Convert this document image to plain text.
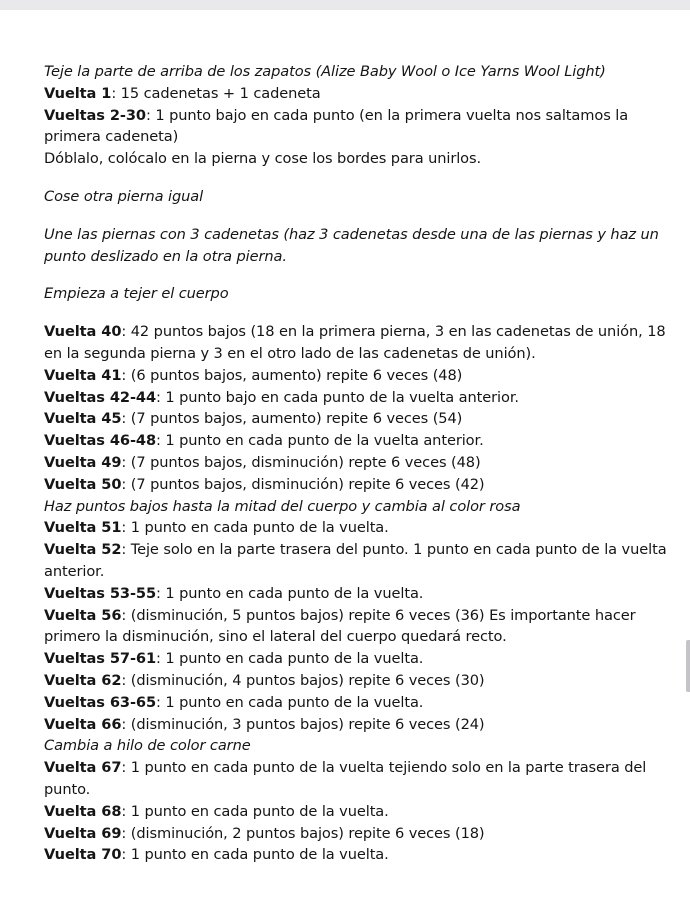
Teje la parte de arriba de los zapatos (Alize Baby Wool o Ice Yarns Wool Light)

Vuelta 1: 15 cadenetas + 1 cadeneta

Vueltas 2-30: 1 punto bajo en cada punto (en la primera vuelta nos saltamos la primera cadeneta)

Dóblalo, colócalo en la pierna y cose los bordes para unirlos.

Cose otra pierna igual

Une las piernas con 3 cadenetas (haz 3 cadenetas desde una de las piernas y haz un punto deslizado en la otra pierna.

Empieza a tejer el cuerpo

Vuelta 40: 42 puntos bajos (18 en la primera pierna, 3 en las cadenetas de unión, 18 en la segunda pierna y 3 en el otro lado de las cadenetas de unión).

Vuelta 41: (6 puntos bajos, aumento) repite 6 veces (48)

Vueltas 42-44: 1 punto bajo en cada punto de la vuelta anterior.

Vuelta 45: (7 puntos bajos, aumento) repite 6 veces (54)

Vueltas 46-48: 1 punto en cada punto de la vuelta anterior.

Vuelta 49: (7 puntos bajos, disminución) repte 6 veces (48)

Vuelta 50: (7 puntos bajos, disminución) repite 6 veces (42)

Haz puntos bajos hasta la mitad del cuerpo y cambia al color rosa

Vuelta 51: 1 punto en cada punto de la vuelta.

Vuelta 52: Teje solo en la parte trasera del punto. 1 punto en cada punto de la vuelta anterior.

Vueltas 53-55: 1 punto en cada punto de la vuelta.

Vuelta 56: (disminución, 5 puntos bajos) repite 6 veces (36) Es importante hacer primero la disminución, sino el lateral del cuerpo quedará recto.

Vueltas 57-61: 1 punto en cada punto de la vuelta.

Vuelta 62: (disminución, 4 puntos bajos) repite 6 veces (30)

Vueltas 63-65: 1 punto en cada punto de la vuelta.

Vuelta 66: (disminución, 3 puntos bajos) repite 6 veces (24)

Cambia a hilo de color carne

Vuelta 67: 1 punto en cada punto de la vuelta tejiendo solo en la parte trasera del punto.

Vuelta 68: 1 punto en cada punto de la vuelta.

Vuelta 69: (disminución, 2 puntos bajos) repite 6 veces (18)

Vuelta 70: 1 punto en cada punto de la vuelta.
